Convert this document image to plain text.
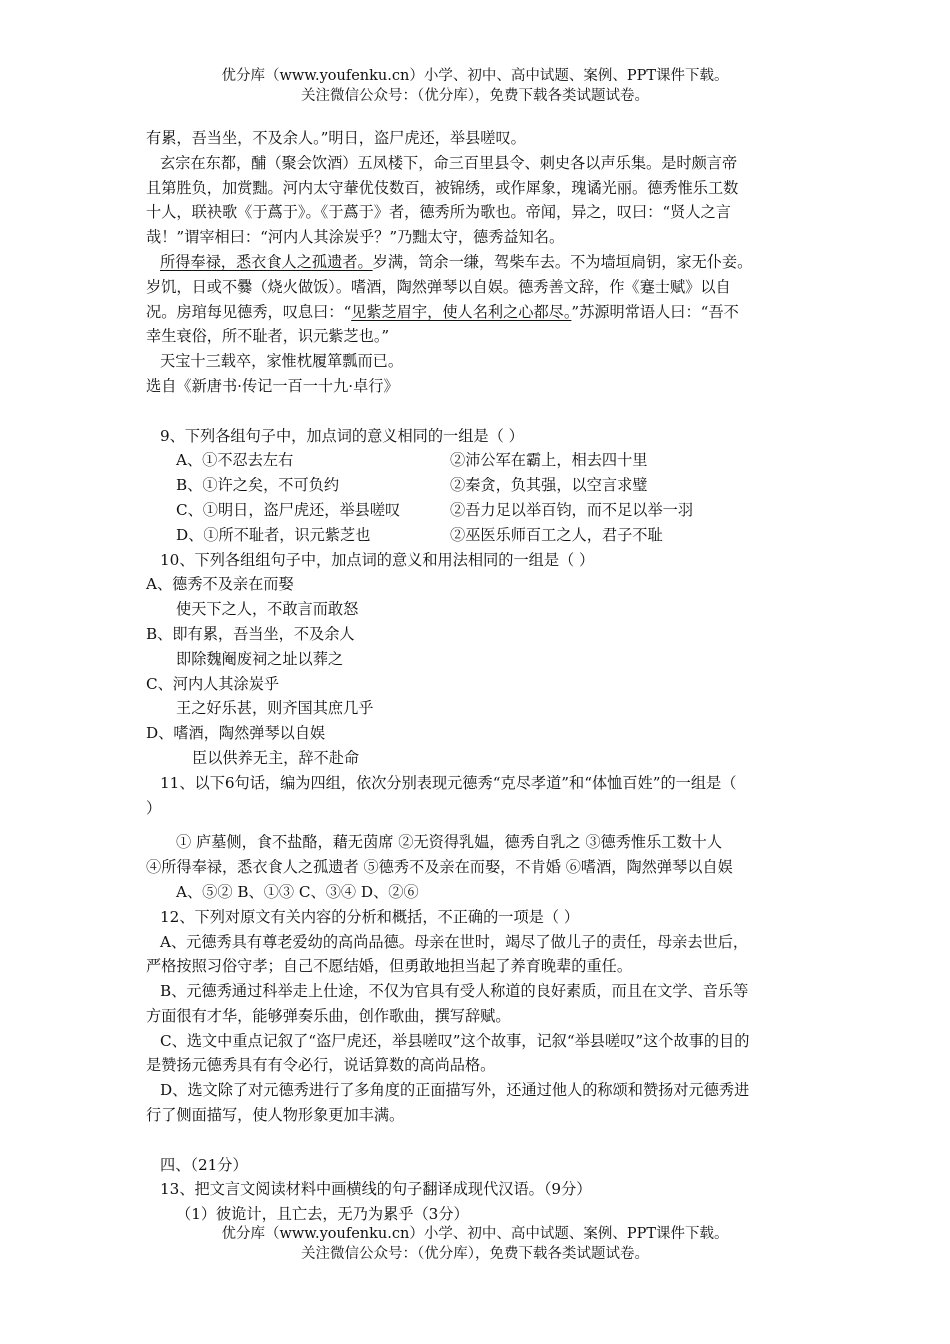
优分库（www.youfenku.cn）小学、初中、高中试题、案例、PPT课件下载。
关注微信公众号：（优分库），免费下载各类试题试卷。
有累，吾当坐，不及余人。”明日，盗尸虎还，举县嗟叹。
玄宗在东都，酺（聚会饮酒）五凤楼下，命三百里县令、刺史各以声乐集。是时颇言帝
且第胜负，加赏黜。河内太守輂优伎数百，被锦绣，或作犀象，瑰谲光丽。德秀惟乐工数
十人，联袂歌《于蔿于》。《于蔿于》者，德秀所为歌也。帝闻，异之，叹曰：“贤人之言
哉！”谓宰相曰：“河内人其涂炭乎？”乃黜太守，德秀益知名。
所得奉禄，悉衣食人之孤遗者。岁满，笥余一缣，驾柴车去。不为墙垣扃钥，家无仆妾。
岁饥，日或不爨（烧火做饭）。嗜酒，陶然弹琴以自娱。德秀善文辞，作《蹇士赋》以自
况。房琯每见德秀，叹息曰：“见紫芝眉宇，使人名利之心都尽。”苏源明常语人曰：“吾不
幸生衰俗，所不耻者，识元紫芝也。”
天宝十三载卒，家惟枕履箪瓢而已。
选自《新唐书·传记一百一十九·卓行》
9、下列各组句子中，加点词的意义相同的一组是（ ）
A、①不忍去左右	②沛公军在霸上，相去四十里
B、①许之矣，不可负约	②秦贪，负其强，以空言求璧
C、①明日，盗尸虎还，举县嗟叹	②吾力足以举百钧，而不足以举一羽
D、①所不耻者，识元紫芝也	②巫医乐师百工之人，君子不耻
10、下列各组组句子中，加点词的意义和用法相同的一组是（ ）
A、德秀不及亲在而娶
使天下之人，不敢言而敢怒
B、即有累，吾当坐，不及余人
即除魏阉废祠之址以葬之
C、河内人其涂炭乎
王之好乐甚，则齐国其庶几乎
D、嗜酒，陶然弹琴以自娱
臣以供养无主，辞不赴命
11、以下6句话，编为四组，依次分别表现元德秀“克尽孝道”和“体恤百姓”的一组是（
）
① 庐墓侧，食不盐酪，藉无茵席 ②无资得乳媪，德秀自乳之 ③德秀惟乐工数十人
④所得奉禄，悉衣食人之孤遗者 ⑤德秀不及亲在而娶，不肯婚 ⑥嗜酒，陶然弹琴以自娱
A、⑤② B、①③ C、③④ D、②⑥
12、下列对原文有关内容的分析和概括，不正确的一项是（ ）
A、元德秀具有尊老爱幼的高尚品德。母亲在世时，竭尽了做儿子的责任，母亲去世后，
严格按照习俗守孝；自己不愿结婚，但勇敢地担当起了养育晚辈的重任。
B、元德秀通过科举走上仕途，不仅为官具有受人称道的良好素质，而且在文学、音乐等
方面很有才华，能够弹奏乐曲，创作歌曲，撰写辞赋。
C、选文中重点记叙了“盗尸虎还，举县嗟叹”这个故事，记叙“举县嗟叹”这个故事的目的
是赞扬元德秀具有有令必行，说话算数的高尚品格。
D、选文除了对元德秀进行了多角度的正面描写外，还通过他人的称颂和赞扬对元德秀进
行了侧面描写，使人物形象更加丰满。
四、（21分）
13、把文言文阅读材料中画横线的句子翻译成现代汉语。（9分）
（1）彼诡计，且亡去，无乃为累乎（3分）
优分库（www.youfenku.cn）小学、初中、高中试题、案例、PPT课件下载。
关注微信公众号：（优分库），免费下载各类试题试卷。
